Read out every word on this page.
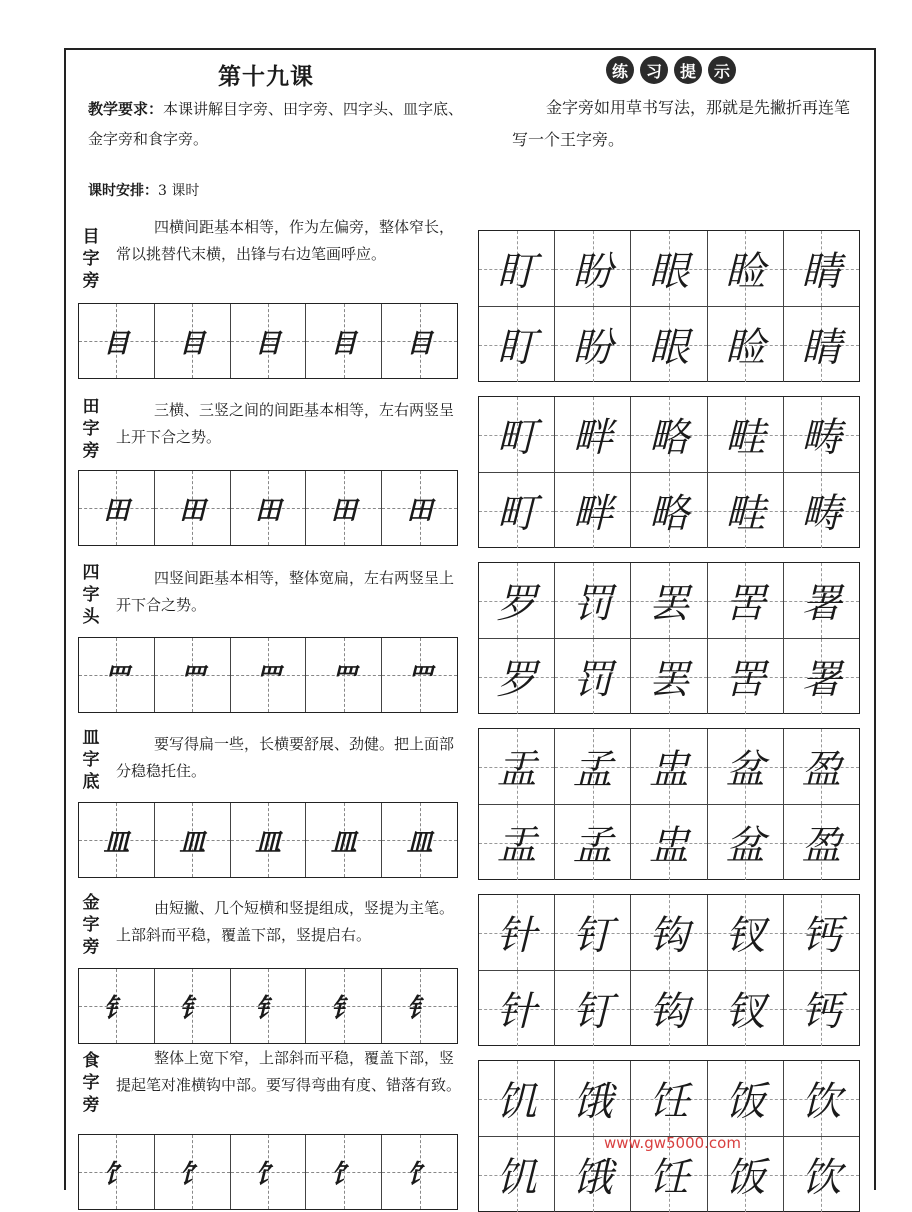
第十九课
教学要求：本课讲解目字旁、田字旁、四字头、皿字底、金字旁和食字旁。
课时安排：3 课时
练	习	提	示
金字旁如用草书写法，那就是先撇折再连笔写一个王字旁。
目字旁
四横间距基本相等，作为左偏旁，整体窄长，常以挑替代末横，出锋与右边笔画呼应。
目 目 目 目 目
盯 盼 眼 睑 睛
盯 盼 眼 睑 睛
田字旁
三横、三竖之间的间距基本相等，左右两竖呈上开下合之势。
田 田 田 田 田
町 畔 略 畦 畴
町 畔 略 畦 畴
四字头
四竖间距基本相等，整体宽扁，左右两竖呈上开下合之势。
罒 罒 罒 罒 罒
罗 罚 罢 罟 署
罗 罚 罢 罟 署
皿字底
要写得扁一些，长横要舒展、劲健。把上面部分稳稳托住。
皿 皿 皿 皿 皿
盂 孟 盅 盆 盈
盂 孟 盅 盆 盈
金字旁
由短撇、几个短横和竖提组成，竖提为主笔。上部斜而平稳，覆盖下部，竖提启右。
钅 钅 钅 钅 钅
针 钉 钩 钗 钙
针 钉 钩 钗 钙
食字旁
整体上宽下窄，上部斜而平稳，覆盖下部，竖提起笔对准横钩中部。要写得弯曲有度、错落有致。
饣 饣 饣 饣 饣
饥 饿 饪 饭 饮
饥 饿 饪 饭 饮
www.gw5000.com
